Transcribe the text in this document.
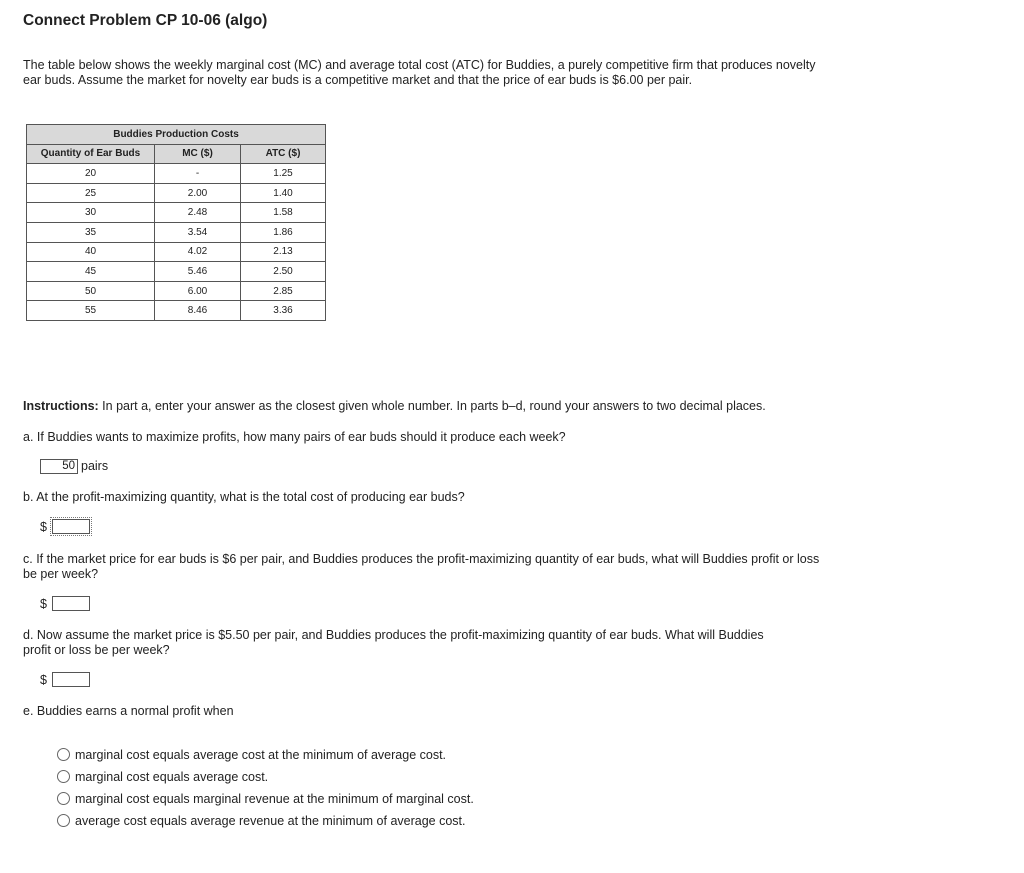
Connect Problem CP 10-06 (algo)
The table below shows the weekly marginal cost (MC) and average total cost (ATC) for Buddies, a purely competitive firm that produces novelty ear buds. Assume the market for novelty ear buds is a competitive market and that the price of ear buds is $6.00 per pair.
Buddies Production Costs		
Quantity of Ear Buds	MC ($)	ATC ($)
20	-	1.25
25	2.00	1.40
30	2.48	1.58
35	3.54	1.86
40	4.02	2.13
45	5.46	2.50
50	6.00	2.85
55	8.46	3.36
Instructions: In part a, enter your answer as the closest given whole number. In parts b–d, round your answers to two decimal places.
a. If Buddies wants to maximize profits, how many pairs of ear buds should it produce each week?
50 pairs
b. At the profit-maximizing quantity, what is the total cost of producing ear buds?
$
c. If the market price for ear buds is $6 per pair, and Buddies produces the profit-maximizing quantity of ear buds, what will Buddies profit or loss be per week?
$
d. Now assume the market price is $5.50 per pair, and Buddies produces the profit-maximizing quantity of ear buds. What will Buddies profit or loss be per week?
$
e. Buddies earns a normal profit when
marginal cost equals average cost at the minimum of average cost.
marginal cost equals average cost.
marginal cost equals marginal revenue at the minimum of marginal cost.
average cost equals average revenue at the minimum of average cost.
